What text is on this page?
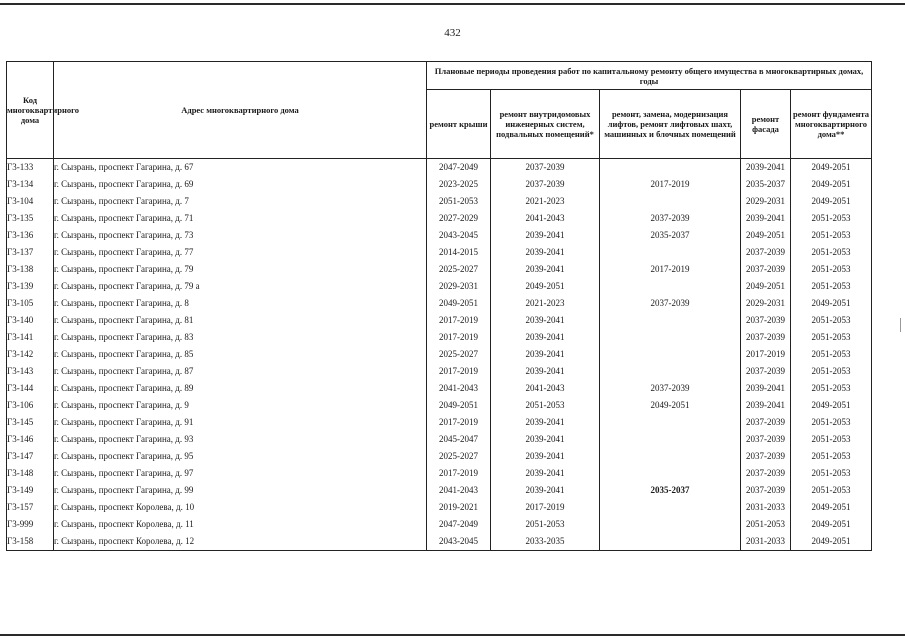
432
Код многоквартирного дома	Адрес многоквартирного дома	Плановые периоды проведения работ по капитальному ремонту общего имущества в многоквартирных домах, годы				
		ремонт крыши	ремонт внутридомовых инженерных систем, подвальных помещений*	ремонт, замена, модернизация лифтов, ремонт лифтовых шахт, машинных и блочных помещений	ремонт фасада	ремонт фундамента многоквартирного дома**
Г3-133	г. Сызрань, проспект Гагарина, д. 67	2047-2049	2037-2039		2039-2041	2049-2051
Г3-134	г. Сызрань, проспект Гагарина, д. 69	2023-2025	2037-2039	2017-2019	2035-2037	2049-2051
Г3-104	г. Сызрань, проспект Гагарина, д. 7	2051-2053	2021-2023		2029-2031	2049-2051
Г3-135	г. Сызрань, проспект Гагарина, д. 71	2027-2029	2041-2043	2037-2039	2039-2041	2051-2053
Г3-136	г. Сызрань, проспект Гагарина, д. 73	2043-2045	2039-2041	2035-2037	2049-2051	2051-2053
Г3-137	г. Сызрань, проспект Гагарина, д. 77	2014-2015	2039-2041		2037-2039	2051-2053
Г3-138	г. Сызрань, проспект Гагарина, д. 79	2025-2027	2039-2041	2017-2019	2037-2039	2051-2053
Г3-139	г. Сызрань, проспект Гагарина, д. 79 а	2029-2031	2049-2051		2049-2051	2051-2053
Г3-105	г. Сызрань, проспект Гагарина, д. 8	2049-2051	2021-2023	2037-2039	2029-2031	2049-2051
Г3-140	г. Сызрань, проспект Гагарина, д. 81	2017-2019	2039-2041		2037-2039	2051-2053
Г3-141	г. Сызрань, проспект Гагарина, д. 83	2017-2019	2039-2041		2037-2039	2051-2053
Г3-142	г. Сызрань, проспект Гагарина, д. 85	2025-2027	2039-2041		2017-2019	2051-2053
Г3-143	г. Сызрань, проспект Гагарина, д. 87	2017-2019	2039-2041		2037-2039	2051-2053
Г3-144	г. Сызрань, проспект Гагарина, д. 89	2041-2043	2041-2043	2037-2039	2039-2041	2051-2053
Г3-106	г. Сызрань, проспект Гагарина, д. 9	2049-2051	2051-2053	2049-2051	2039-2041	2049-2051
Г3-145	г. Сызрань, проспект Гагарина, д. 91	2017-2019	2039-2041		2037-2039	2051-2053
Г3-146	г. Сызрань, проспект Гагарина, д. 93	2045-2047	2039-2041		2037-2039	2051-2053
Г3-147	г. Сызрань, проспект Гагарина, д. 95	2025-2027	2039-2041		2037-2039	2051-2053
Г3-148	г. Сызрань, проспект Гагарина, д. 97	2017-2019	2039-2041		2037-2039	2051-2053
Г3-149	г. Сызрань, проспект Гагарина, д. 99	2041-2043	2039-2041	2035-2037	2037-2039	2051-2053
Г3-157	г. Сызрань, проспект Королева, д. 10	2019-2021	2017-2019		2031-2033	2049-2051
Г3-999	г. Сызрань, проспект Королева, д. 11	2047-2049	2051-2053		2051-2053	2049-2051
Г3-158	г. Сызрань, проспект Королева, д. 12	2043-2045	2033-2035		2031-2033	2049-2051
